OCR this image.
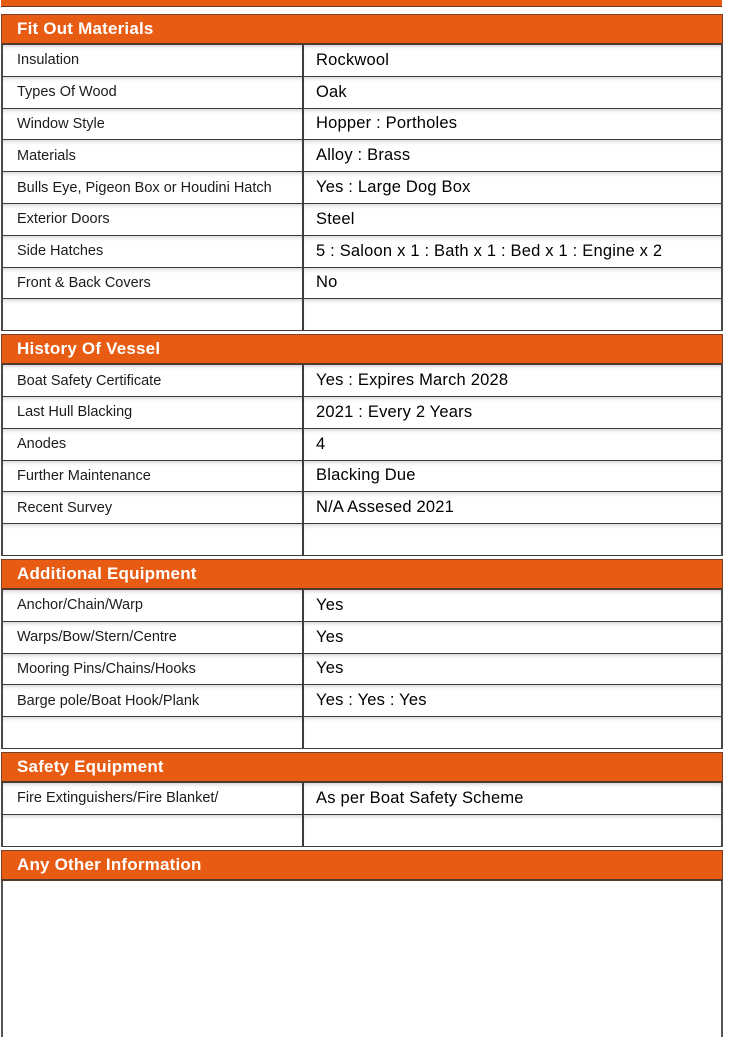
Fit Out Materials
Insulation	Rockwool
Types Of Wood	Oak
Window Style	Hopper : Portholes
Materials	Alloy : Brass
Bulls Eye, Pigeon Box or Houdini Hatch	Yes : Large Dog Box
Exterior Doors	Steel
Side Hatches	5 : Saloon x 1 : Bath x 1 : Bed x 1 : Engine x 2
Front & Back Covers	No
History Of Vessel
Boat Safety Certificate	Yes : Expires March 2028
Last Hull Blacking	2021 : Every 2 Years
Anodes	4
Further Maintenance	Blacking Due
Recent Survey	N/A Assesed 2021
Additional Equipment
Anchor/Chain/Warp	Yes
Warps/Bow/Stern/Centre	Yes
Mooring Pins/Chains/Hooks	Yes
Barge pole/Boat Hook/Plank	Yes : Yes : Yes
Safety Equipment
Fire Extinguishers/Fire Blanket/	As per Boat Safety Scheme
Any Other Information
